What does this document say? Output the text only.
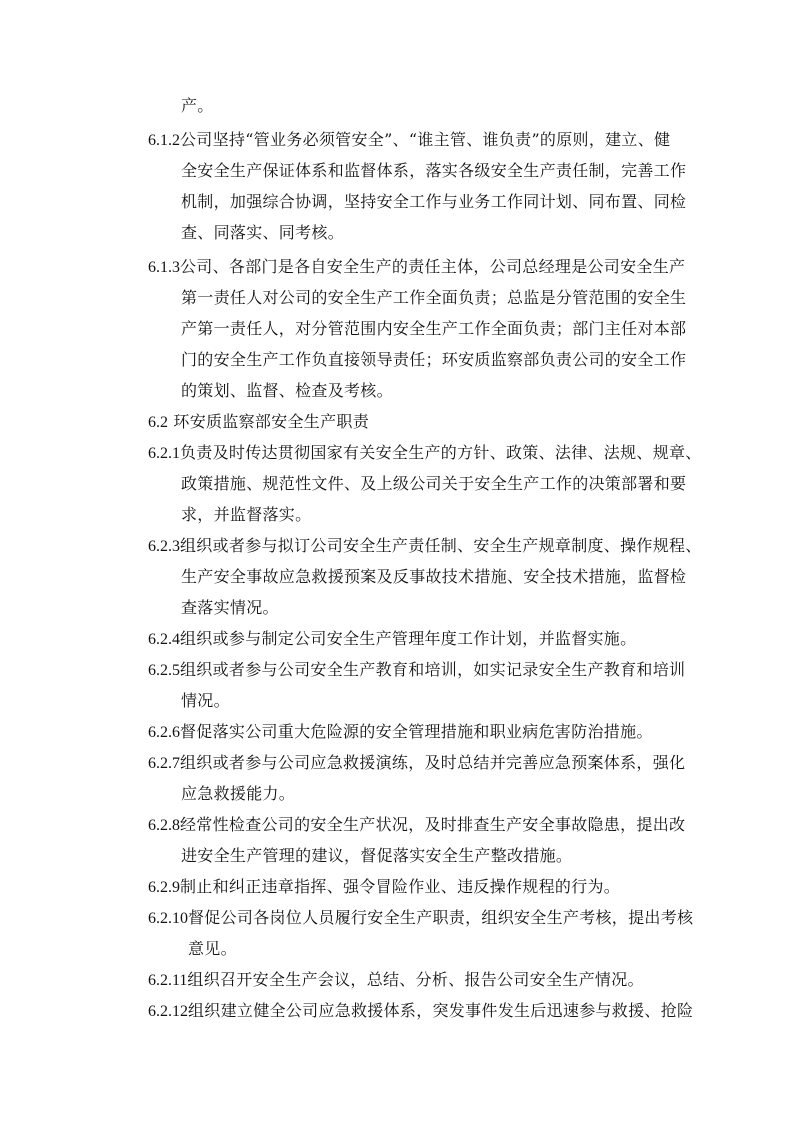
产。
6.1.2公司坚持“管业务必须管安全”、“谁主管、谁负责”的原则，建立、健
全安全生产保证体系和监督体系，落实各级安全生产责任制，完善工作
机制，加强综合协调，坚持安全工作与业务工作同计划、同布置、同检
查、同落实、同考核。
6.1.3公司、各部门是各自安全生产的责任主体，公司总经理是公司安全生产
第一责任人对公司的安全生产工作全面负责；总监是分管范围的安全生
产第一责任人，对分管范围内安全生产工作全面负责；部门主任对本部
门的安全生产工作负直接领导责任；环安质监察部负责公司的安全工作
的策划、监督、检查及考核。
6.2 环安质监察部安全生产职责
6.2.1负责及时传达贯彻国家有关安全生产的方针、政策、法律、法规、规章、
政策措施、规范性文件、及上级公司关于安全生产工作的决策部署和要
求，并监督落实。
6.2.3组织或者参与拟订公司安全生产责任制、安全生产规章制度、操作规程、
生产安全事故应急救援预案及反事故技术措施、安全技术措施，监督检
查落实情况。
6.2.4组织或参与制定公司安全生产管理年度工作计划，并监督实施。
6.2.5组织或者参与公司安全生产教育和培训，如实记录安全生产教育和培训
情况。
6.2.6督促落实公司重大危险源的安全管理措施和职业病危害防治措施。
6.2.7组织或者参与公司应急救援演练，及时总结并完善应急预案体系，强化
应急救援能力。
6.2.8经常性检查公司的安全生产状况，及时排查生产安全事故隐患，提出改
进安全生产管理的建议，督促落实安全生产整改措施。
6.2.9制止和纠正违章指挥、强令冒险作业、违反操作规程的行为。
6.2.10督促公司各岗位人员履行安全生产职责，组织安全生产考核，提出考核
意见。
6.2.11组织召开安全生产会议，总结、分析、报告公司安全生产情况。
6.2.12组织建立健全公司应急救援体系，突发事件发生后迅速参与救援、抢险
